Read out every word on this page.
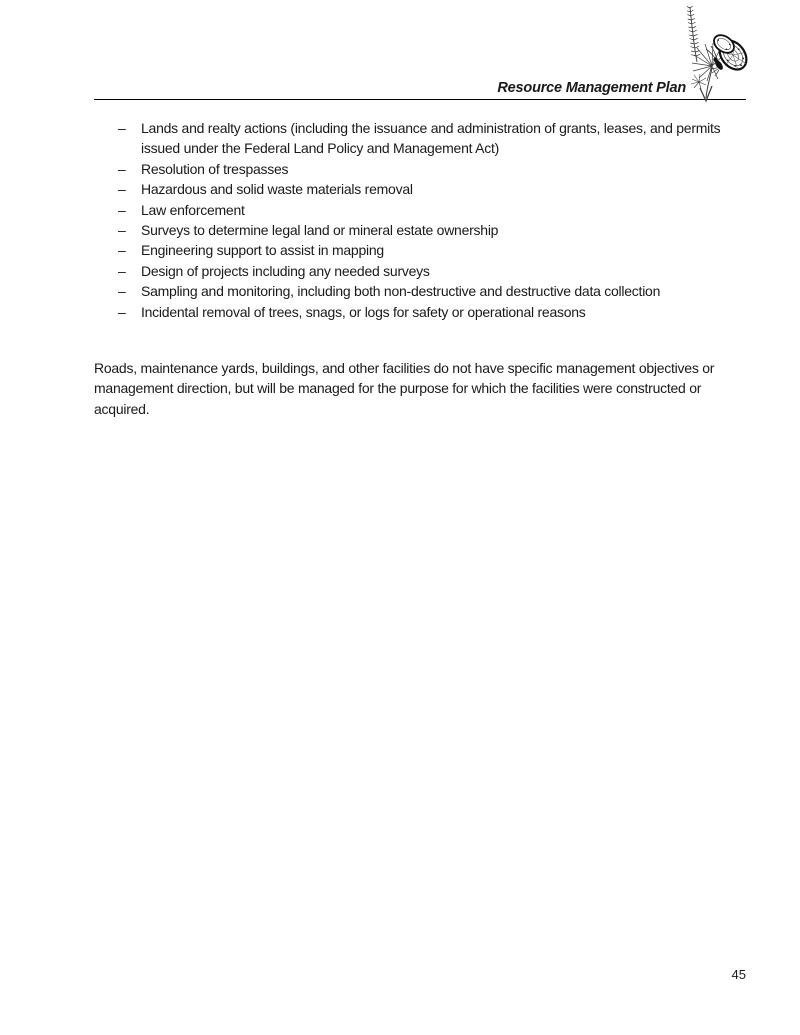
Resource Management Plan
–	Lands and realty actions (including the issuance and administration of grants, leases, and permits issued under the Federal Land Policy and Management Act)
–	Resolution of trespasses
–	Hazardous and solid waste materials removal
–	Law enforcement
–	Surveys to determine legal land or mineral estate ownership
–	Engineering support to assist in mapping
–	Design of projects including any needed surveys
–	Sampling and monitoring, including both non-destructive and destructive data collection
–	Incidental removal of trees, snags, or logs for safety or operational reasons

Roads, maintenance yards, buildings, and other facilities do not have specific management objectives or management direction, but will be managed for the purpose for which the facilities were constructed or acquired.

45
